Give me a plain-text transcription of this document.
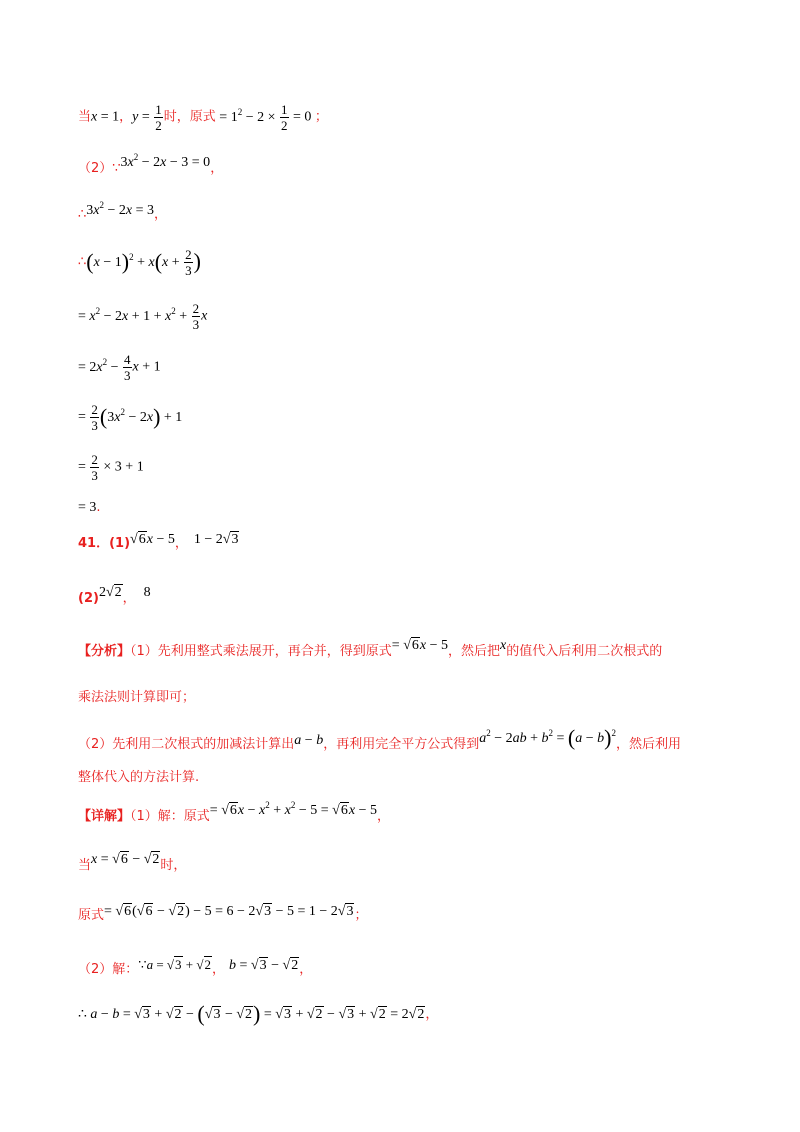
当x = 1，$y = \frac{1}{2}$ 时，原式 = $1^2 - 2 \times \frac{1}{2} = 0$ ；
$(2)\because 3x^2 - 2x - 3 = 0$，
$\therefore 3x^2 - 2x = 3$，
∴(x − $1)^2 + x(x + \frac{2}{3}$ )
= $x^2 - 2x + 1 + x^2 + \frac{2}{3}$ x
= $2x^2 - \frac{4}{3}$ x + 1
= $\frac{2}{3} (3x^2 - 2x) + 1$
= $\frac{2}{3} \times 3 + 1$
= 3.
41．(1)√6x − 5， 1 − 2√3
(2)2√2， 8
【分析】（1）先利用整式乘法展开，再合并，得到原式= √6x − 5，然后把x的值代入后利用二次根式的
乘法法则计算即可；
（2）先利用二次根式的加减法计算出a − b，再利用完全平方公式得到$a^2 - 2ab + b^2 = (a - b)^2$，然后利用
整体代入的方法计算.
【详解】（1）解：原式= $√6x - x^2 + x^2 - 5 = √6x - 5$，
当x = √6 − √2时，
原式= √6(√6 − √2) − 5 = 6 − 2√3 − 5 = 1 − 2√3；
（2）解：∵a = √3 + √2， b = √3 − √2，
∴ a − b = √3 + √2 − (√3 − √2) = √3 + √2 − √3 + √2 = 2√2，
